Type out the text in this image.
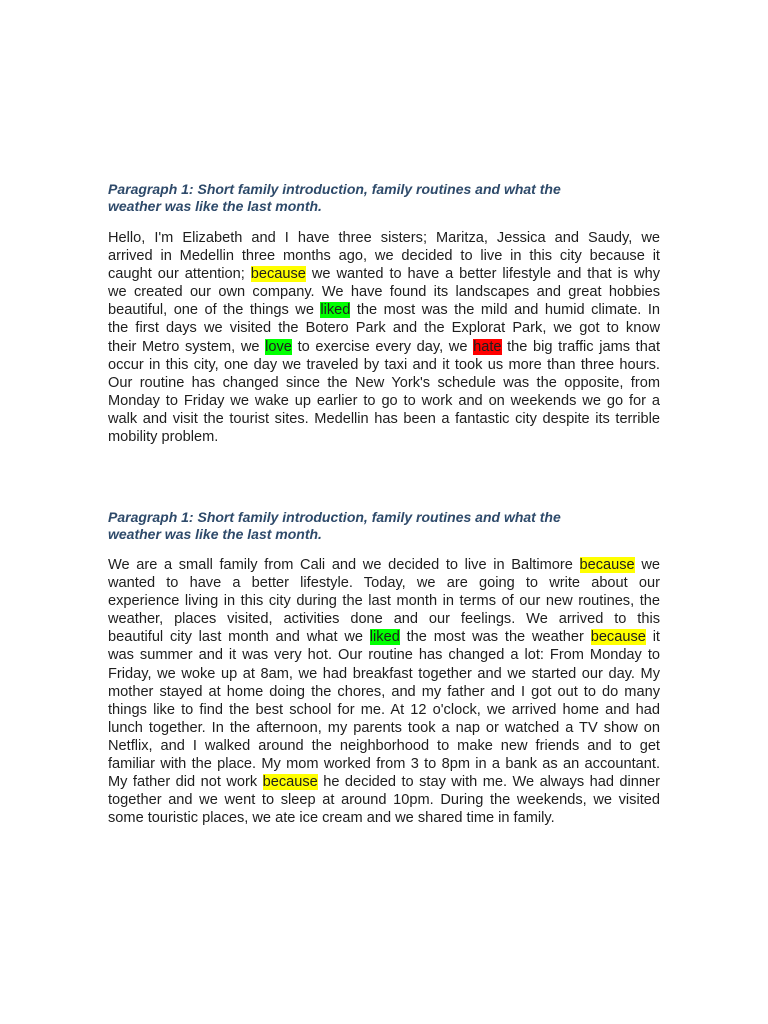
Paragraph 1: Short family introduction, family routines and what the
weather was like the last month.
Hello, I'm Elizabeth and I have three sisters; Maritza, Jessica and Saudy, we
arrived in Medellin three months ago, we decided to live in this city because it
caught our attention; because we wanted to have a better lifestyle and that is why
we created our own company. We have found its landscapes and great hobbies
beautiful, one of the things we liked the most was the mild and humid climate. In
the first days we visited the Botero Park and the Explorat Park, we got to know
their Metro system, we love to exercise every day, we hate the big traffic jams that
occur in this city, one day we traveled by taxi and it took us more than three hours.
Our routine has changed since the New York's schedule was the opposite, from
Monday to Friday we wake up earlier to go to work and on weekends we go for a
walk and visit the tourist sites. Medellin has been a fantastic city despite its terrible
mobility problem.
Paragraph 1: Short family introduction, family routines and what the
weather was like the last month.
We are a small family from Cali and we decided to live in Baltimore because we
wanted to have a better lifestyle. Today, we are going to write about our
experience living in this city during the last month in terms of our new routines, the
weather, places visited, activities done and our feelings. We arrived to this
beautiful city last month and what we liked the most was the weather because it
was summer and it was very hot. Our routine has changed a lot: From Monday to
Friday, we woke up at 8am, we had breakfast together and we started our day. My
mother stayed at home doing the chores, and my father and I got out to do many
things like to find the best school for me. At 12 o'clock, we arrived home and had
lunch together. In the afternoon, my parents took a nap or watched a TV show on
Netflix, and I walked around the neighborhood to make new friends and to get
familiar with the place. My mom worked from 3 to 8pm in a bank as an accountant.
My father did not work because he decided to stay with me. We always had dinner
together and we went to sleep at around 10pm. During the weekends, we visited
some touristic places, we ate ice cream and we shared time in family.
